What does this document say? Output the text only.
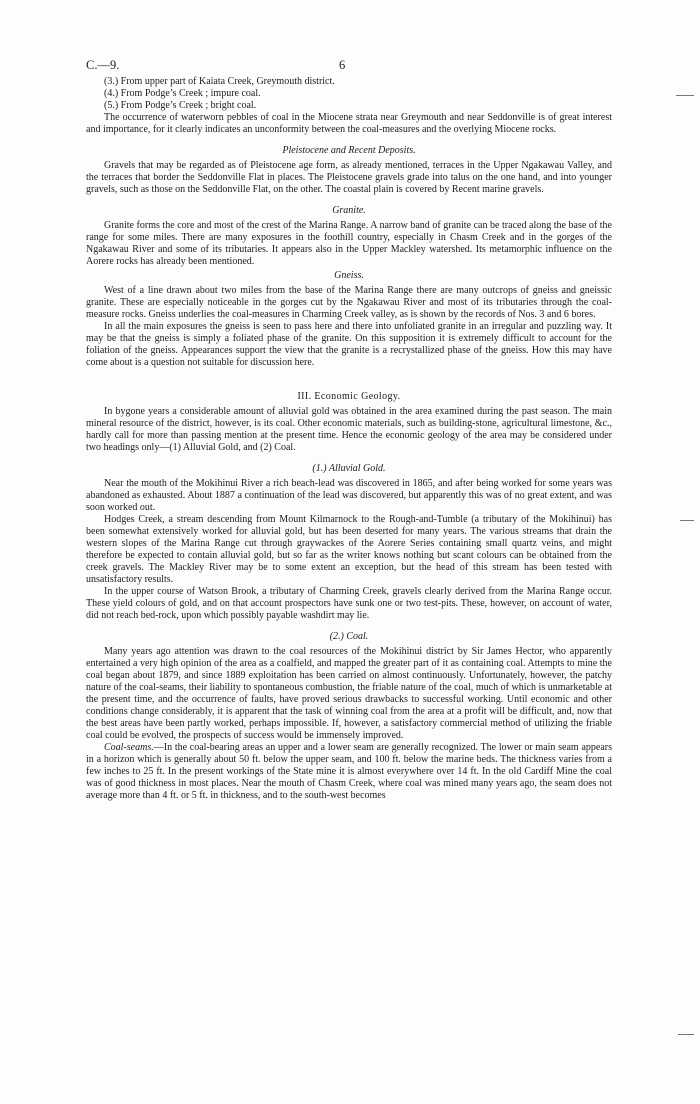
C.—9.	6
(3.) From upper part of Kaiata Creek, Greymouth district.
(4.) From Podge’s Creek ; impure coal.
(5.) From Podge’s Creek ; bright coal.

The occurrence of waterworn pebbles of coal in the Miocene strata near Greymouth and near Seddonville is of great interest and importance, for it clearly indicates an unconformity between the coal-measures and the overlying Miocene rocks.

Pleistocene and Recent Deposits.

Gravels that may be regarded as of Pleistocene age form, as already mentioned, terraces in the Upper Ngakawau Valley, and the terraces that border the Seddonville Flat in places. The Pleistocene gravels grade into talus on the one hand, and into younger gravels, such as those on the Seddonville Flat, on the other. The coastal plain is covered by Recent marine gravels.

Granite.

Granite forms the core and most of the crest of the Marina Range. A narrow band of granite can be traced along the base of the range for some miles. There are many exposures in the foothill country, especially in Chasm Creek and in the gorges of the Ngakawau River and some of its tributaries. It appears also in the Upper Mackley watershed. Its metamorphic influence on the Aorere rocks has already been mentioned.

Gneiss.

West of a line drawn about two miles from the base of the Marina Range there are many outcrops of gneiss and gneissic granite. These are especially noticeable in the gorges cut by the Ngakawau River and most of its tributaries through the coal-measure rocks. Gneiss underlies the coal-measures in Charming Creek valley, as is shown by the records of Nos. 3 and 6 bores.

In all the main exposures the gneiss is seen to pass here and there into unfoliated granite in an irregular and puzzling way. It may be that the gneiss is simply a foliated phase of the granite. On this supposition it is extremely difficult to account for the foliation of the gneiss. Appearances support the view that the granite is a recrystallized phase of the gneiss. How this may have come about is a question not suitable for discussion here.

III. Economic Geology.

In bygone years a considerable amount of alluvial gold was obtained in the area examined during the past season. The main mineral resource of the district, however, is its coal. Other economic materials, such as building-stone, agricultural limestone, &c., hardly call for more than passing mention at the present time. Hence the economic geology of the area may be considered under two headings only—(1) Alluvial Gold, and (2) Coal.

(1.) Alluvial Gold.

Near the mouth of the Mokihinui River a rich beach-lead was discovered in 1865, and after being worked for some years was abandoned as exhausted. About 1887 a continuation of the lead was discovered, but apparently this was of no great extent, and was soon worked out.

Hodges Creek, a stream descending from Mount Kilmarnock to the Rough-and-Tumble (a tributary of the Mokihinui) has been somewhat extensively worked for alluvial gold, but has been deserted for many years. The various streams that drain the western slopes of the Marina Range cut through graywackes of the Aorere Series containing small quartz veins, and might therefore be expected to contain alluvial gold, but so far as the writer knows nothing but scant colours can be obtained from the creek gravels. The Mackley River may be to some extent an exception, but the head of this stream has been tested with unsatisfactory results.

In the upper course of Watson Brook, a tributary of Charming Creek, gravels clearly derived from the Marina Range occur. These yield colours of gold, and on that account prospectors have sunk one or two test-pits. These, however, on account of water, did not reach bed-rock, upon which possibly payable washdirt may lie.

(2.) Coal.

Many years ago attention was drawn to the coal resources of the Mokihinui district by Sir James Hector, who apparently entertained a very high opinion of the area as a coalfield, and mapped the greater part of it as containing coal. Attempts to mine the coal began about 1879, and since 1889 exploitation has been carried on almost continuously. Unfortunately, however, the patchy nature of the coal-seams, their liability to spontaneous combustion, the friable nature of the coal, much of which is unmarketable at the present time, and the occurrence of faults, have proved serious drawbacks to successful working. Until economic and other conditions change considerably, it is apparent that the task of winning coal from the area at a profit will be difficult, and, now that the best areas have been partly worked, perhaps impossible. If, however, a satisfactory commercial method of utilizing the friable coal could be evolved, the prospects of success would be immensely improved.

Coal-seams.—In the coal-bearing areas an upper and a lower seam are generally recognized. The lower or main seam appears in a horizon which is generally about 50 ft. below the upper seam, and 100 ft. below the marine beds. The thickness varies from a few inches to 25 ft. In the present workings of the State mine it is almost everywhere over 14 ft. In the old Cardiff Mine the coal was of good thickness in most places. Near the mouth of Chasm Creek, where coal was mined many years ago, the seam does not average more than 4 ft. or 5 ft. in thickness, and to the south-west becomes
